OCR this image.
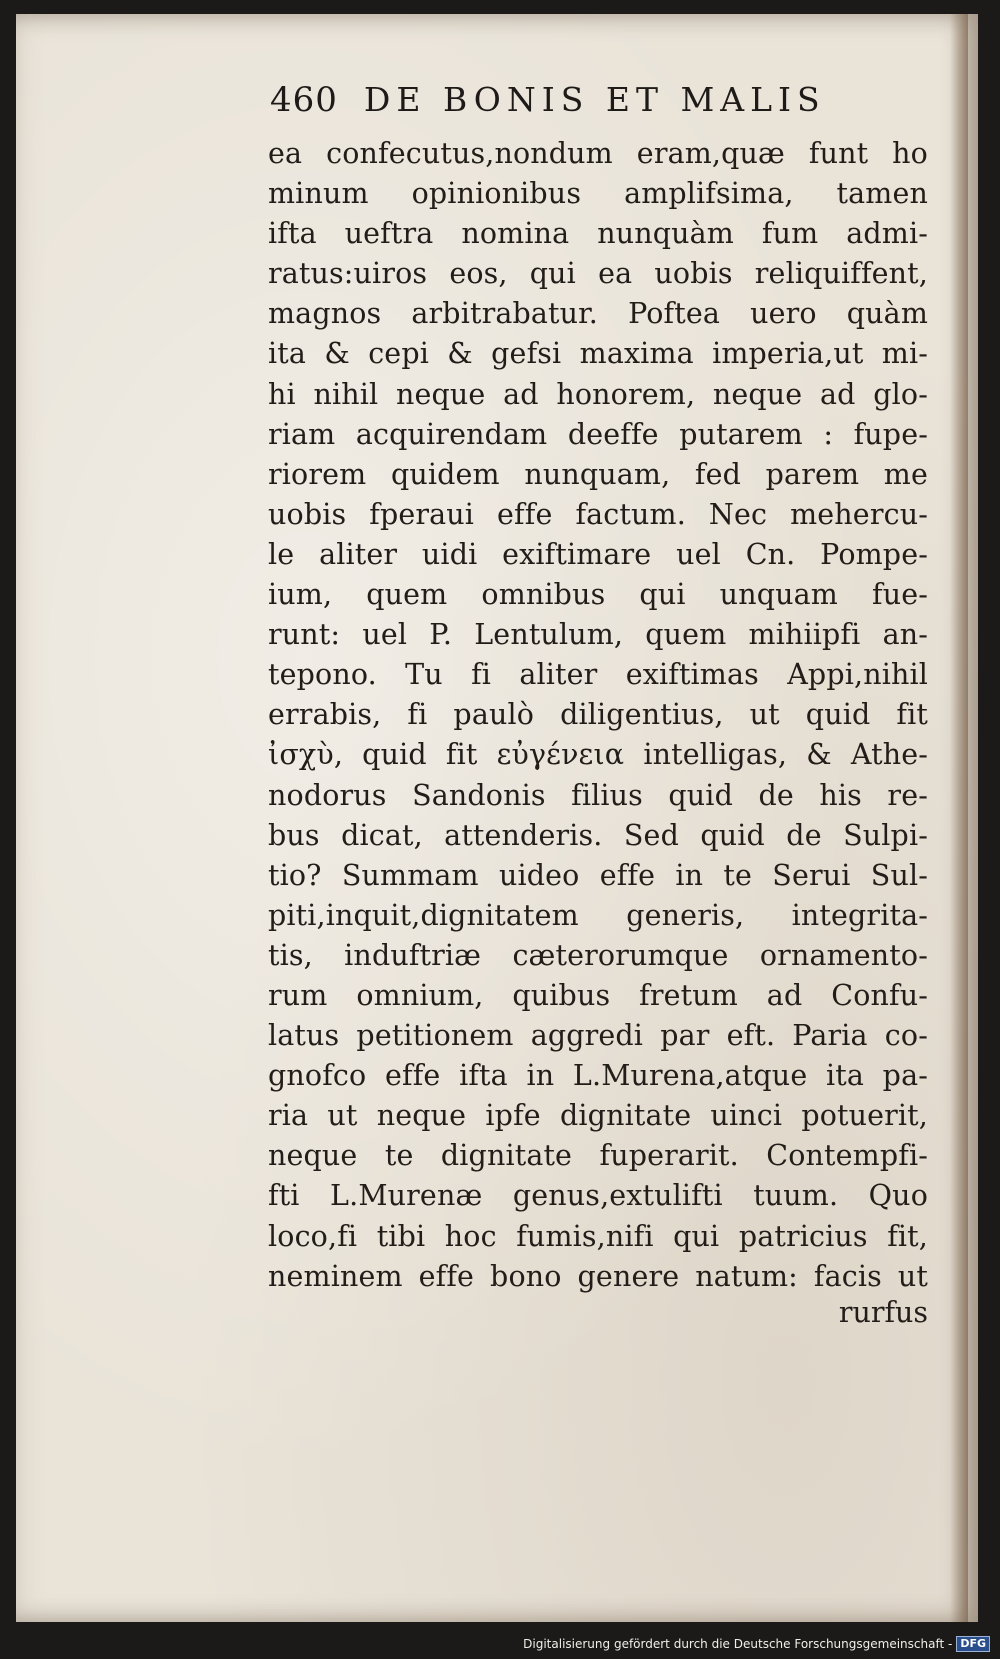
460 DE BONIS ET MALIS
ea confecutus,nondum eram,quæ funt ho
minum opinionibus amplifsima, tamen
ifta ueftra nomina nunquàm fum admi-
ratus:uiros eos, qui ea uobis reliquiffent,
magnos arbitrabatur. Poftea uero quàm
ita & cepi & gefsi maxima imperia,ut mi-
hi nihil neque ad honorem, neque ad glo-
riam acquirendam deeffe putarem : fupe-
riorem quidem nunquam, fed parem me
uobis fperaui effe factum. Nec mehercu-
le aliter uidi exiftimare uel Cn. Pompe-
ium, quem omnibus qui unquam fue-
runt: uel P. Lentulum, quem mihiipfi an-
tepono. Tu fi aliter exiftimas Appi,nihil
errabis, fi paulò diligentius, ut quid fit
ἰσχὺ, quid fit εὐγένεια intelligas, & Athe-
nodorus Sandonis filius quid de his re-
bus dicat, attenderis. Sed quid de Sulpi-
tio? Summam uideo effe in te Serui Sul-
piti,inquit,dignitatem generis, integrita-
tis, induftriæ cæterorumque ornamento-
rum omnium, quibus fretum ad Confu-
latus petitionem aggredi par eft. Paria co-
gnofco effe ifta in L.Murena,atque ita pa-
ria ut neque ipfe dignitate uinci potuerit,
neque te dignitate fuperarit. Contempfi-
fti L.Murenæ genus,extulifti tuum. Quo
loco,fi tibi hoc fumis,nifi qui patricius fit,
neminem effe bono genere natum: facis ut
rurfus
Digitalisierung gefördert durch die Deutsche Forschungsgemeinschaft - DFG
